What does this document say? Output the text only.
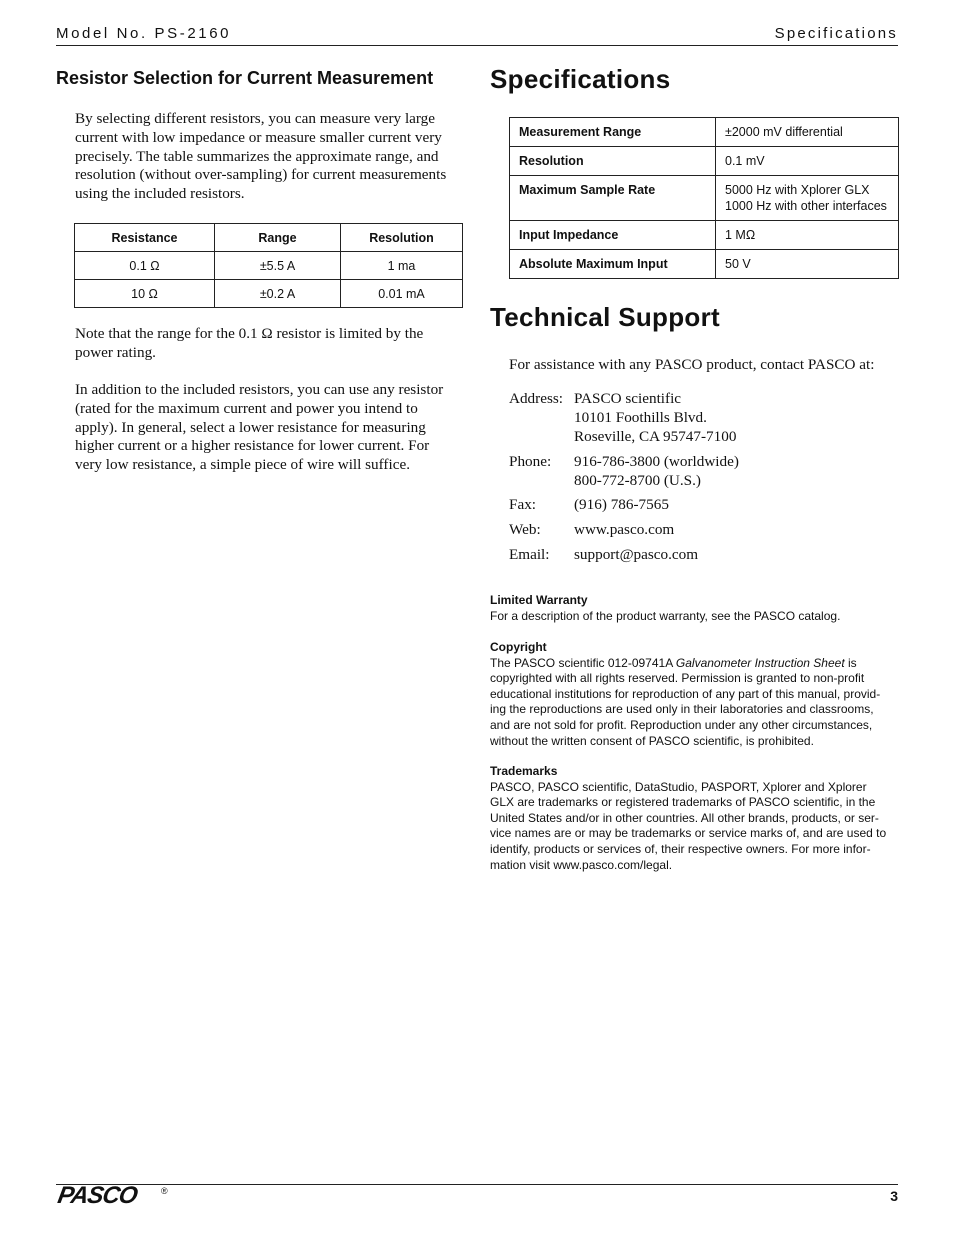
Model No. PS-2160	Specifications
Resistor Selection for Current Measurement
By selecting different resistors, you can measure very large
current with low impedance or measure smaller current very
precisely. The table summarizes the approximate range, and
resolution (without over-sampling) for current measurements
using the included resistors.
Resistance	Range	Resolution
0.1 Ω	±5.5 A	1 ma
10 Ω	±0.2 A	0.01 mA
Note that the range for the 0.1 Ω resistor is limited by the
power rating.
In addition to the included resistors, you can use any resistor
(rated for the maximum current and power you intend to
apply). In general, select a lower resistance for measuring
higher current or a higher resistance for lower current. For
very low resistance, a simple piece of wire will suffice.
Specifications
Measurement Range	±2000 mV differential

Resolution	0.1 mV

Maximum Sample Rate	5000 Hz with Xplorer GLX
1000 Hz with other interfaces

Input Impedance	1 MΩ

Absolute Maximum Input	50 V
Technical Support
For assistance with any PASCO product, contact PASCO at:
Address: PASCO scientific
10101 Foothills Blvd.
Roseville, CA 95747-7100
Phone: 916-786-3800 (worldwide)
800-772-8700 (U.S.)
Fax: (916) 786-7565
Web: www.pasco.com
Email: support@pasco.com
Limited Warranty
For a description of the product warranty, see the PASCO catalog.
Copyright
The PASCO scientific 012-09741A Galvanometer Instruction Sheet is
copyrighted with all rights reserved. Permission is granted to non-profit
educational institutions for reproduction of any part of this manual, provid-
ing the reproductions are used only in their laboratories and classrooms,
and are not sold for profit. Reproduction under any other circumstances,
without the written consent of PASCO scientific, is prohibited.
Trademarks
PASCO, PASCO scientific, DataStudio, PASPORT, Xplorer and Xplorer
GLX are trademarks or registered trademarks of PASCO scientific, in the
United States and/or in other countries. All other brands, products, or ser-
vice names are or may be trademarks or service marks of, and are used to
identify, products or services of, their respective owners. For more infor-
mation visit www.pasco.com/legal.
PASCO ®	3
